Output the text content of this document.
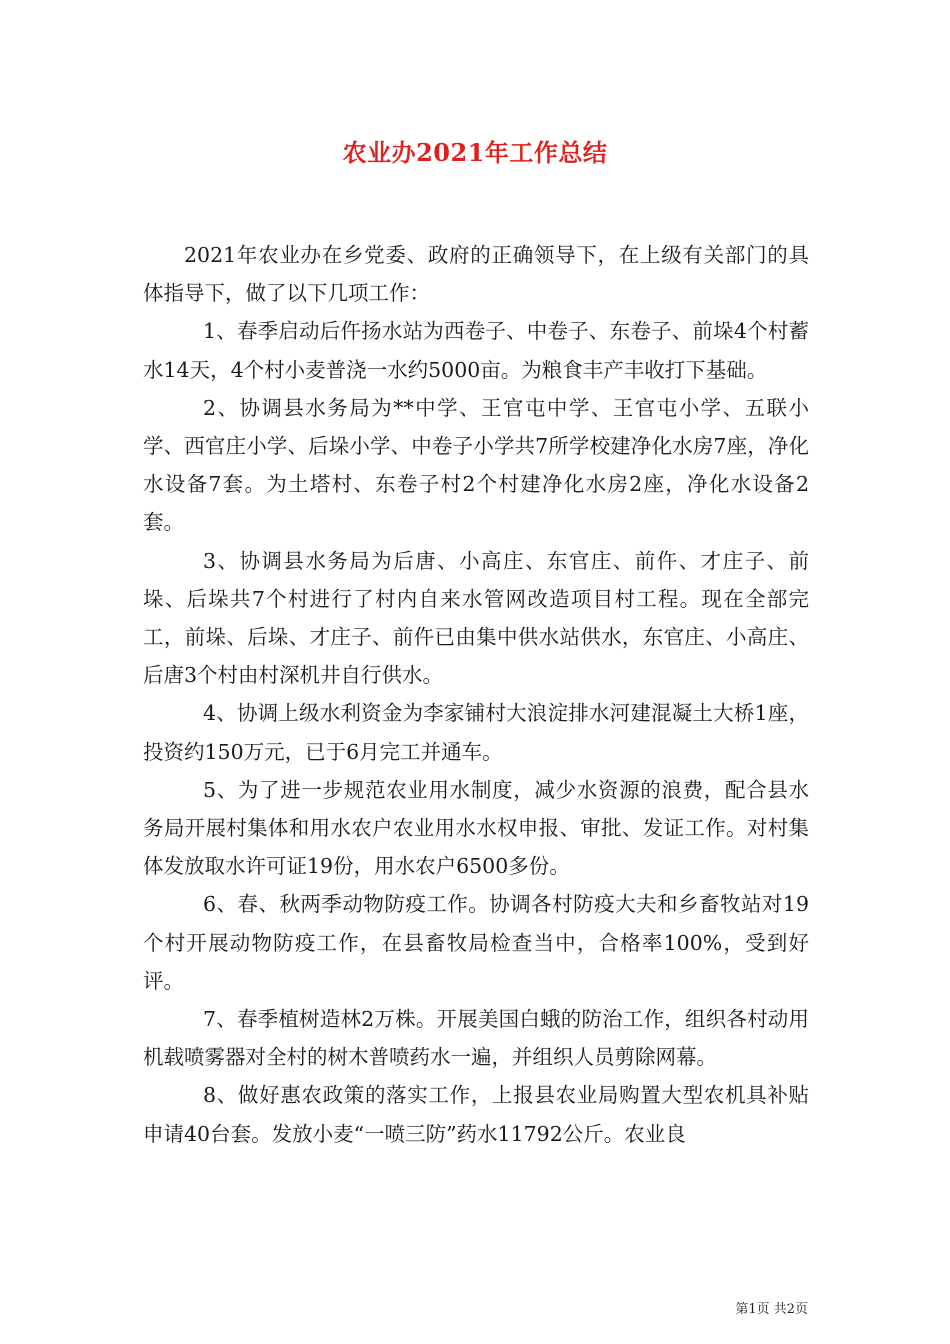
农业办2021年工作总结

2021年农业办在乡党委、政府的正确领导下，在上级有关部门的具体指导下，做了以下几项工作：

1、春季启动后仵扬水站为西卷子、中卷子、东卷子、前垛4个村蓄水14天，4个村小麦普浇一水约5000亩。为粮食丰产丰收打下基础。

2、协调县水务局为**中学、王官屯中学、王官屯小学、五联小学、西官庄小学、后垛小学、中卷子小学共7所学校建净化水房7座，净化水设备7套。为土塔村、东卷子村2个村建净化水房2座，净化水设备2套。

3、协调县水务局为后唐、小高庄、东官庄、前仵、才庄子、前垛、后垛共7个村进行了村内自来水管网改造项目村工程。现在全部完工，前垛、后垛、才庄子、前仵已由集中供水站供水，东官庄、小高庄、后唐3个村由村深机井自行供水。

4、协调上级水利资金为李家铺村大浪淀排水河建混凝土大桥1座，投资约150万元，已于6月完工并通车。

5、为了进一步规范农业用水制度，减少水资源的浪费，配合县水务局开展村集体和用水农户农业用水水权申报、审批、发证工作。对村集体发放取水许可证19份，用水农户6500多份。

6、春、秋两季动物防疫工作。协调各村防疫大夫和乡畜牧站对19个村开展动物防疫工作，在县畜牧局检查当中，合格率100%，受到好评。

7、春季植树造林2万株。开展美国白蛾的防治工作，组织各村动用机载喷雾器对全村的树木普喷药水一遍，并组织人员剪除网幕。

8、做好惠农政策的落实工作，上报县农业局购置大型农机具补贴申请40台套。发放小麦“一喷三防”药水11792公斤。农业良

第1页 共2页
